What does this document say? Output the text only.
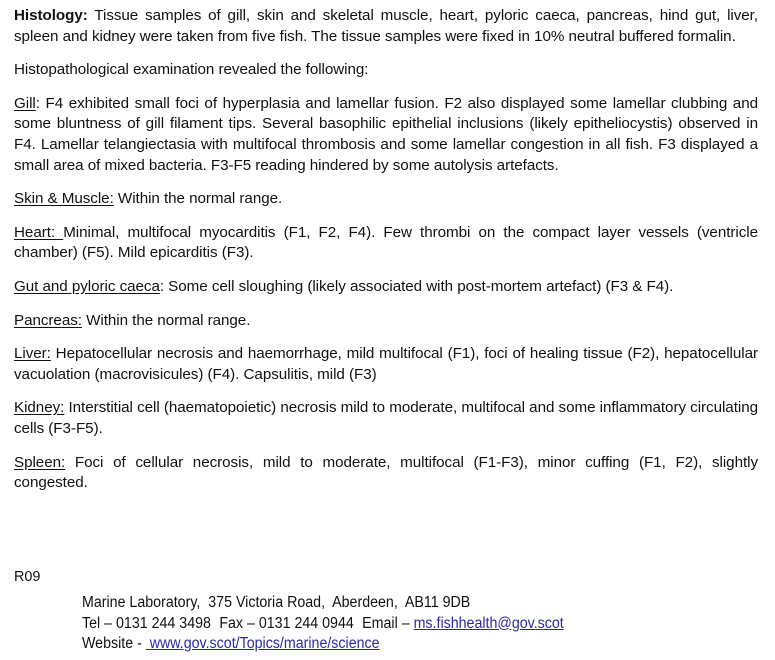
Histology: Tissue samples of gill, skin and skeletal muscle, heart, pyloric caeca, pancreas, hind gut, liver, spleen and kidney were taken from five fish. The tissue samples were fixed in 10% neutral buffered formalin.

Histopathological examination revealed the following:

Gill: F4 exhibited small foci of hyperplasia and lamellar fusion. F2 also displayed some lamellar clubbing and some bluntness of gill filament tips. Several basophilic epithelial inclusions (likely epitheliocystis) observed in F4. Lamellar telangiectasia with multifocal thrombosis and some lamellar congestion in all fish. F3 displayed a small area of mixed bacteria. F3-F5 reading hindered by some autolysis artefacts.

Skin & Muscle: Within the normal range.

Heart: Minimal, multifocal myocarditis (F1, F2, F4). Few thrombi on the compact layer vessels (ventricle chamber) (F5). Mild epicarditis (F3).

Gut and pyloric caeca: Some cell sloughing (likely associated with post-mortem artefact) (F3 & F4).

Pancreas: Within the normal range.

Liver: Hepatocellular necrosis and haemorrhage, mild multifocal (F1), foci of healing tissue (F2), hepatocellular vacuolation (macrovisicules) (F4). Capsulitis, mild (F3)

Kidney: Interstitial cell (haematopoietic) necrosis mild to moderate, multifocal and some inflammatory circulating cells (F3-F5).

Spleen: Foci of cellular necrosis, mild to moderate, multifocal (F1-F3), minor cuffing (F1, F2), slightly congested.

R09
Marine Laboratory,  375 Victoria Road,  Aberdeen,  AB11 9DB
Tel – 0131 244 3498 Fax – 0131 244 0944 Email – ms.fishhealth@gov.scot
Website -  www.gov.scot/Topics/marine/science
